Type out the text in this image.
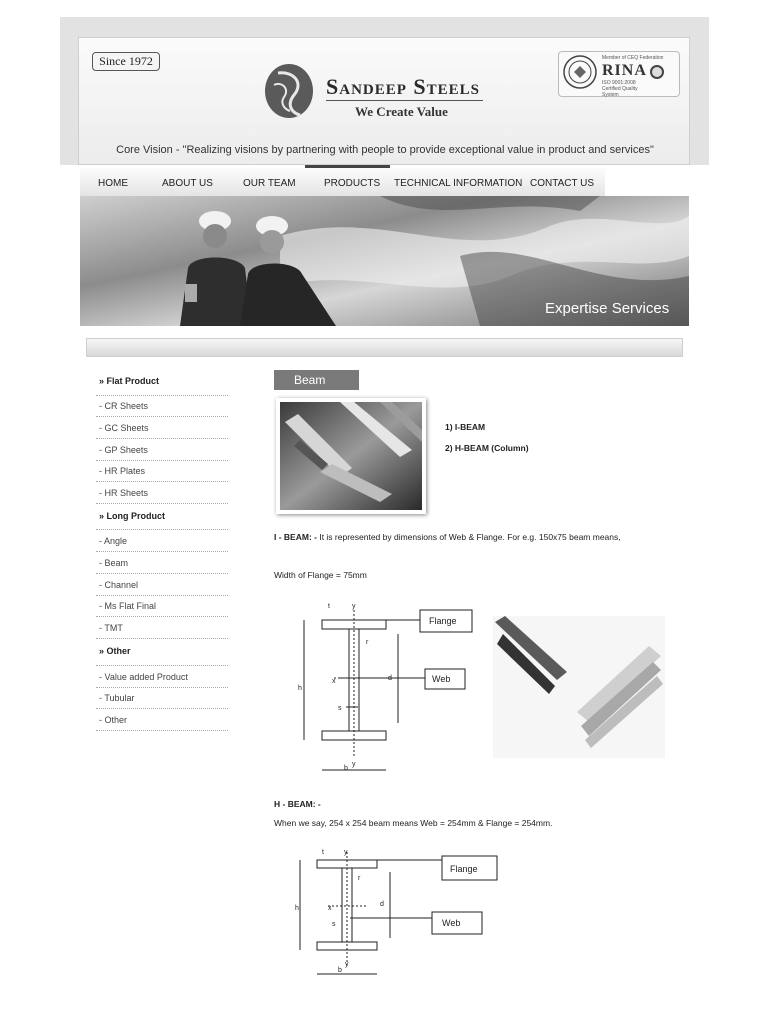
Since 1972
Sandeep Steels
We Create Value
Member of CEQ Federation
RINA
ISO 9001:2008 Certified Quality System
Core Vision - "Realizing visions by partnering with people to provide exceptional value in product and services"
HOME	ABOUT US	OUR TEAM	PRODUCTS TECHNICAL INFORMATION CONTACT US
Expertise Services
» Flat Product
- CR Sheets
- GC Sheets
- GP Sheets
- HR Plates
- HR Sheets
» Long Product
- Angle
- Beam
- Channel
- Ms Flat Final
- TMT
» Other
- Value added Product
- Tubular
- Other
Beam
1) I-BEAM
2) H-BEAM (Column)
I - BEAM: - It is represented by dimensions of Web & Flange. For e.g. 150x75 beam means,
Width of Flange = 75mm
Flange
Web
t	y
r
h
x	d
s
y
b
H - BEAM: -
When we say, 254 x 254 beam means Web = 254mm & Flange = 254mm.
Flange
Web
t	y
r
h	x
d
s
y
b
